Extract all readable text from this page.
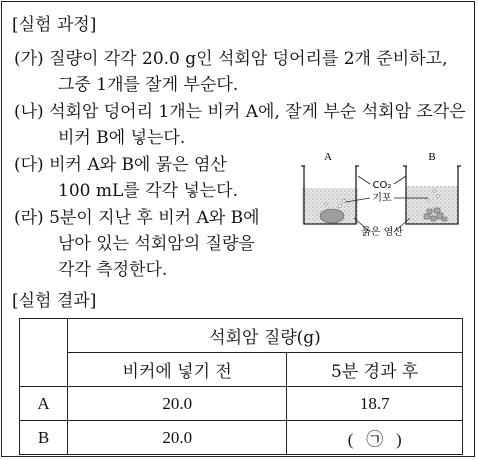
[실험 과정]
(가) 질량이 각각 20.0 g인 석회암 덩어리를 2개 준비하고,
그중 1개를 잘게 부순다.
(나) 석회암 덩어리 1개는 비커 A에, 잘게 부순 석회암 조각은
비커 B에 넣는다.
(다) 비커 A와 B에 묽은 염산
100 mL를 각각 넣는다.
(라) 5분이 지난 후 비커 A와 B에
남아 있는 석회암의 질량을
각각 측정한다.
A	B
CO₂
기포
묽은 염산
[실험 결과]
	석회암 질량(g)	
	비커에 넣기 전	5분 경과 후
A	20.0	18.7
B	20.0	(   ㉠   )
